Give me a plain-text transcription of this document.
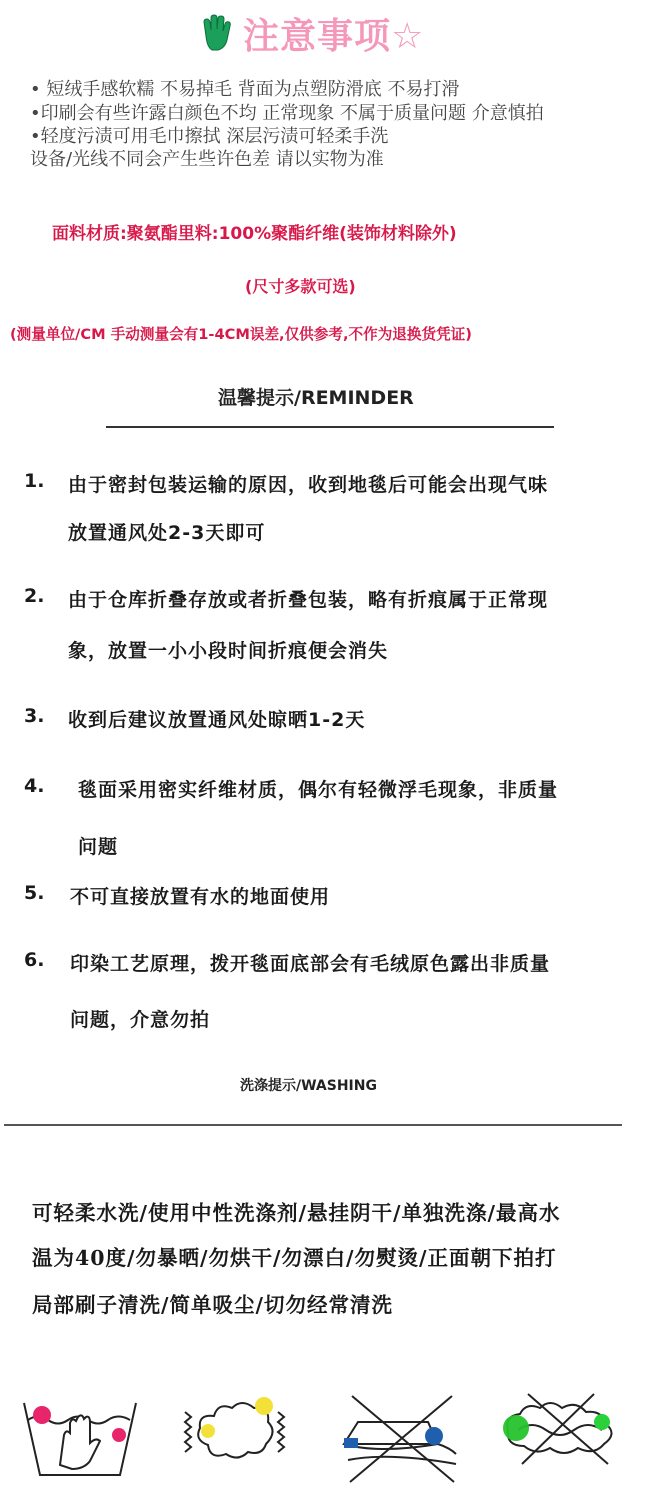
注意事项☆
• 短绒手感软糯 不易掉毛 背面为点塑防滑底 不易打滑
•印刷会有些许露白颜色不均 正常现象 不属于质量问题 介意慎拍
•轻度污渍可用毛巾擦拭 深层污渍可轻柔手洗
设备/光线不同会产生些许色差 请以实物为准
面料材质:聚氨酯里料:100%聚酯纤维(装饰材料除外)
(尺寸多款可选)
(测量单位/CM 手动测量会有1-4CM误差,仅供参考,不作为退换货凭证)
温馨提示/REMINDER
1. 由于密封包装运输的原因，收到地毯后可能会出现气味
放置通风处2-3天即可
2. 由于仓库折叠存放或者折叠包装，略有折痕属于正常现
象，放置一小小段时间折痕便会消失
3. 收到后建议放置通风处晾晒1-2天
4. 毯面采用密实纤维材质，偶尔有轻微浮毛现象，非质量
问题
5. 不可直接放置有水的地面使用
6. 印染工艺原理，拨开毯面底部会有毛绒原色露出非质量
问题，介意勿拍
洗涤提示/WASHING
可轻柔水洗/使用中性洗涤剂/悬挂阴干/单独洗涤/最高水
温为40度/勿暴晒/勿烘干/勿漂白/勿熨烫/正面朝下拍打
局部刷子清洗/简单吸尘/切勿经常清洗
